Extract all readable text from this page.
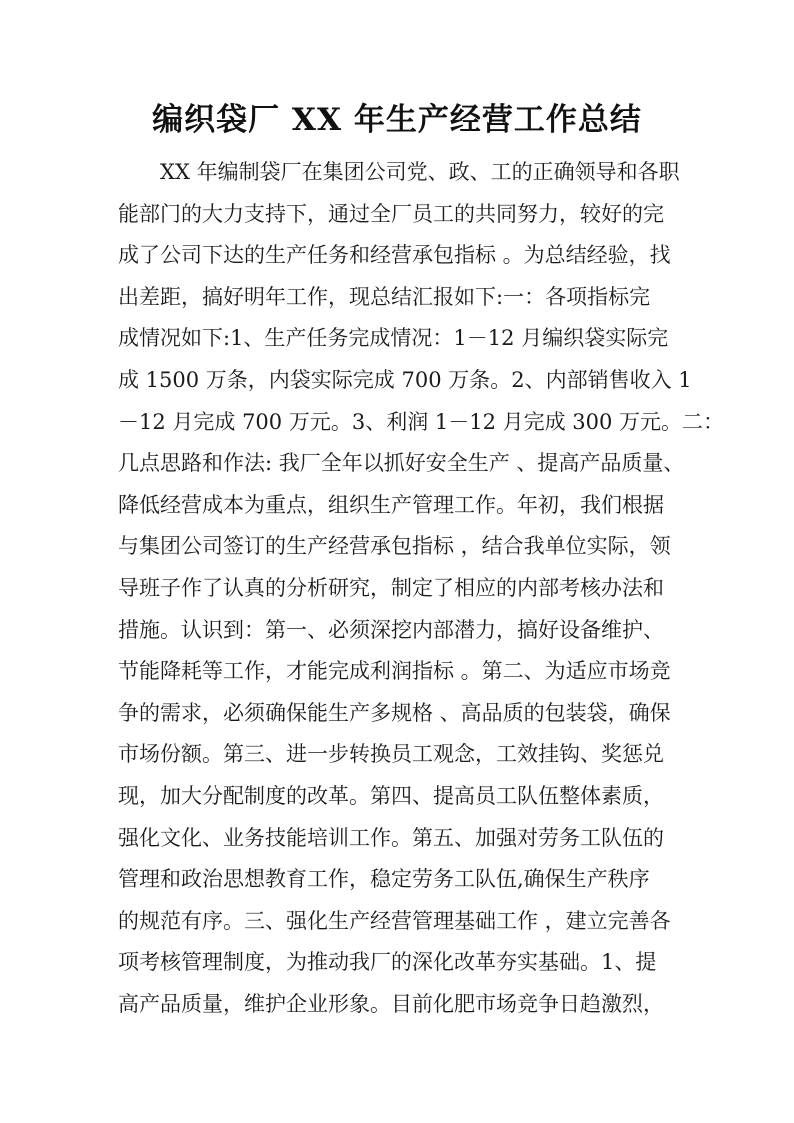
编织袋厂 XX 年生产经营工作总结
XX 年编制袋厂在集团公司党、政、工的正确领导和各职
能部门的大力支持下，通过全厂员工的共同努力，较好的完
成了公司下达的生产任务和经营承包指标 。为总结经验，找
出差距，搞好明年工作，现总结汇报如下:一：各项指标完
成情况如下:1、生产任务完成情况：1－12 月编织袋实际完
成 1500 万条，内袋实际完成 700 万条。2、内部销售收入 1
－12 月完成 700 万元。3、利润 1－12 月完成 300 万元。二：
几点思路和作法: 我厂全年以抓好安全生产 、提高产品质量、
降低经营成本为重点，组织生产管理工作。年初，我们根据
与集团公司签订的生产经营承包指标 ，结合我单位实际，领
导班子作了认真的分析研究，制定了相应的内部考核办法和
措施。认识到：第一、必须深挖内部潜力，搞好设备维护、
节能降耗等工作，才能完成利润指标 。第二、为适应市场竞
争的需求，必须确保能生产多规格 、高品质的包装袋，确保
市场份额。第三、进一步转换员工观念，工效挂钩、奖惩兑
现，加大分配制度的改革。第四、提高员工队伍整体素质，
强化文化、业务技能培训工作。第五、加强对劳务工队伍的
管理和政治思想教育工作，稳定劳务工队伍,确保生产秩序
的规范有序。三、强化生产经营管理基础工作 ，建立完善各
项考核管理制度，为推动我厂的深化改革夯实基础。1、提
高产品质量，维护企业形象。目前化肥市场竞争日趋激烈，
